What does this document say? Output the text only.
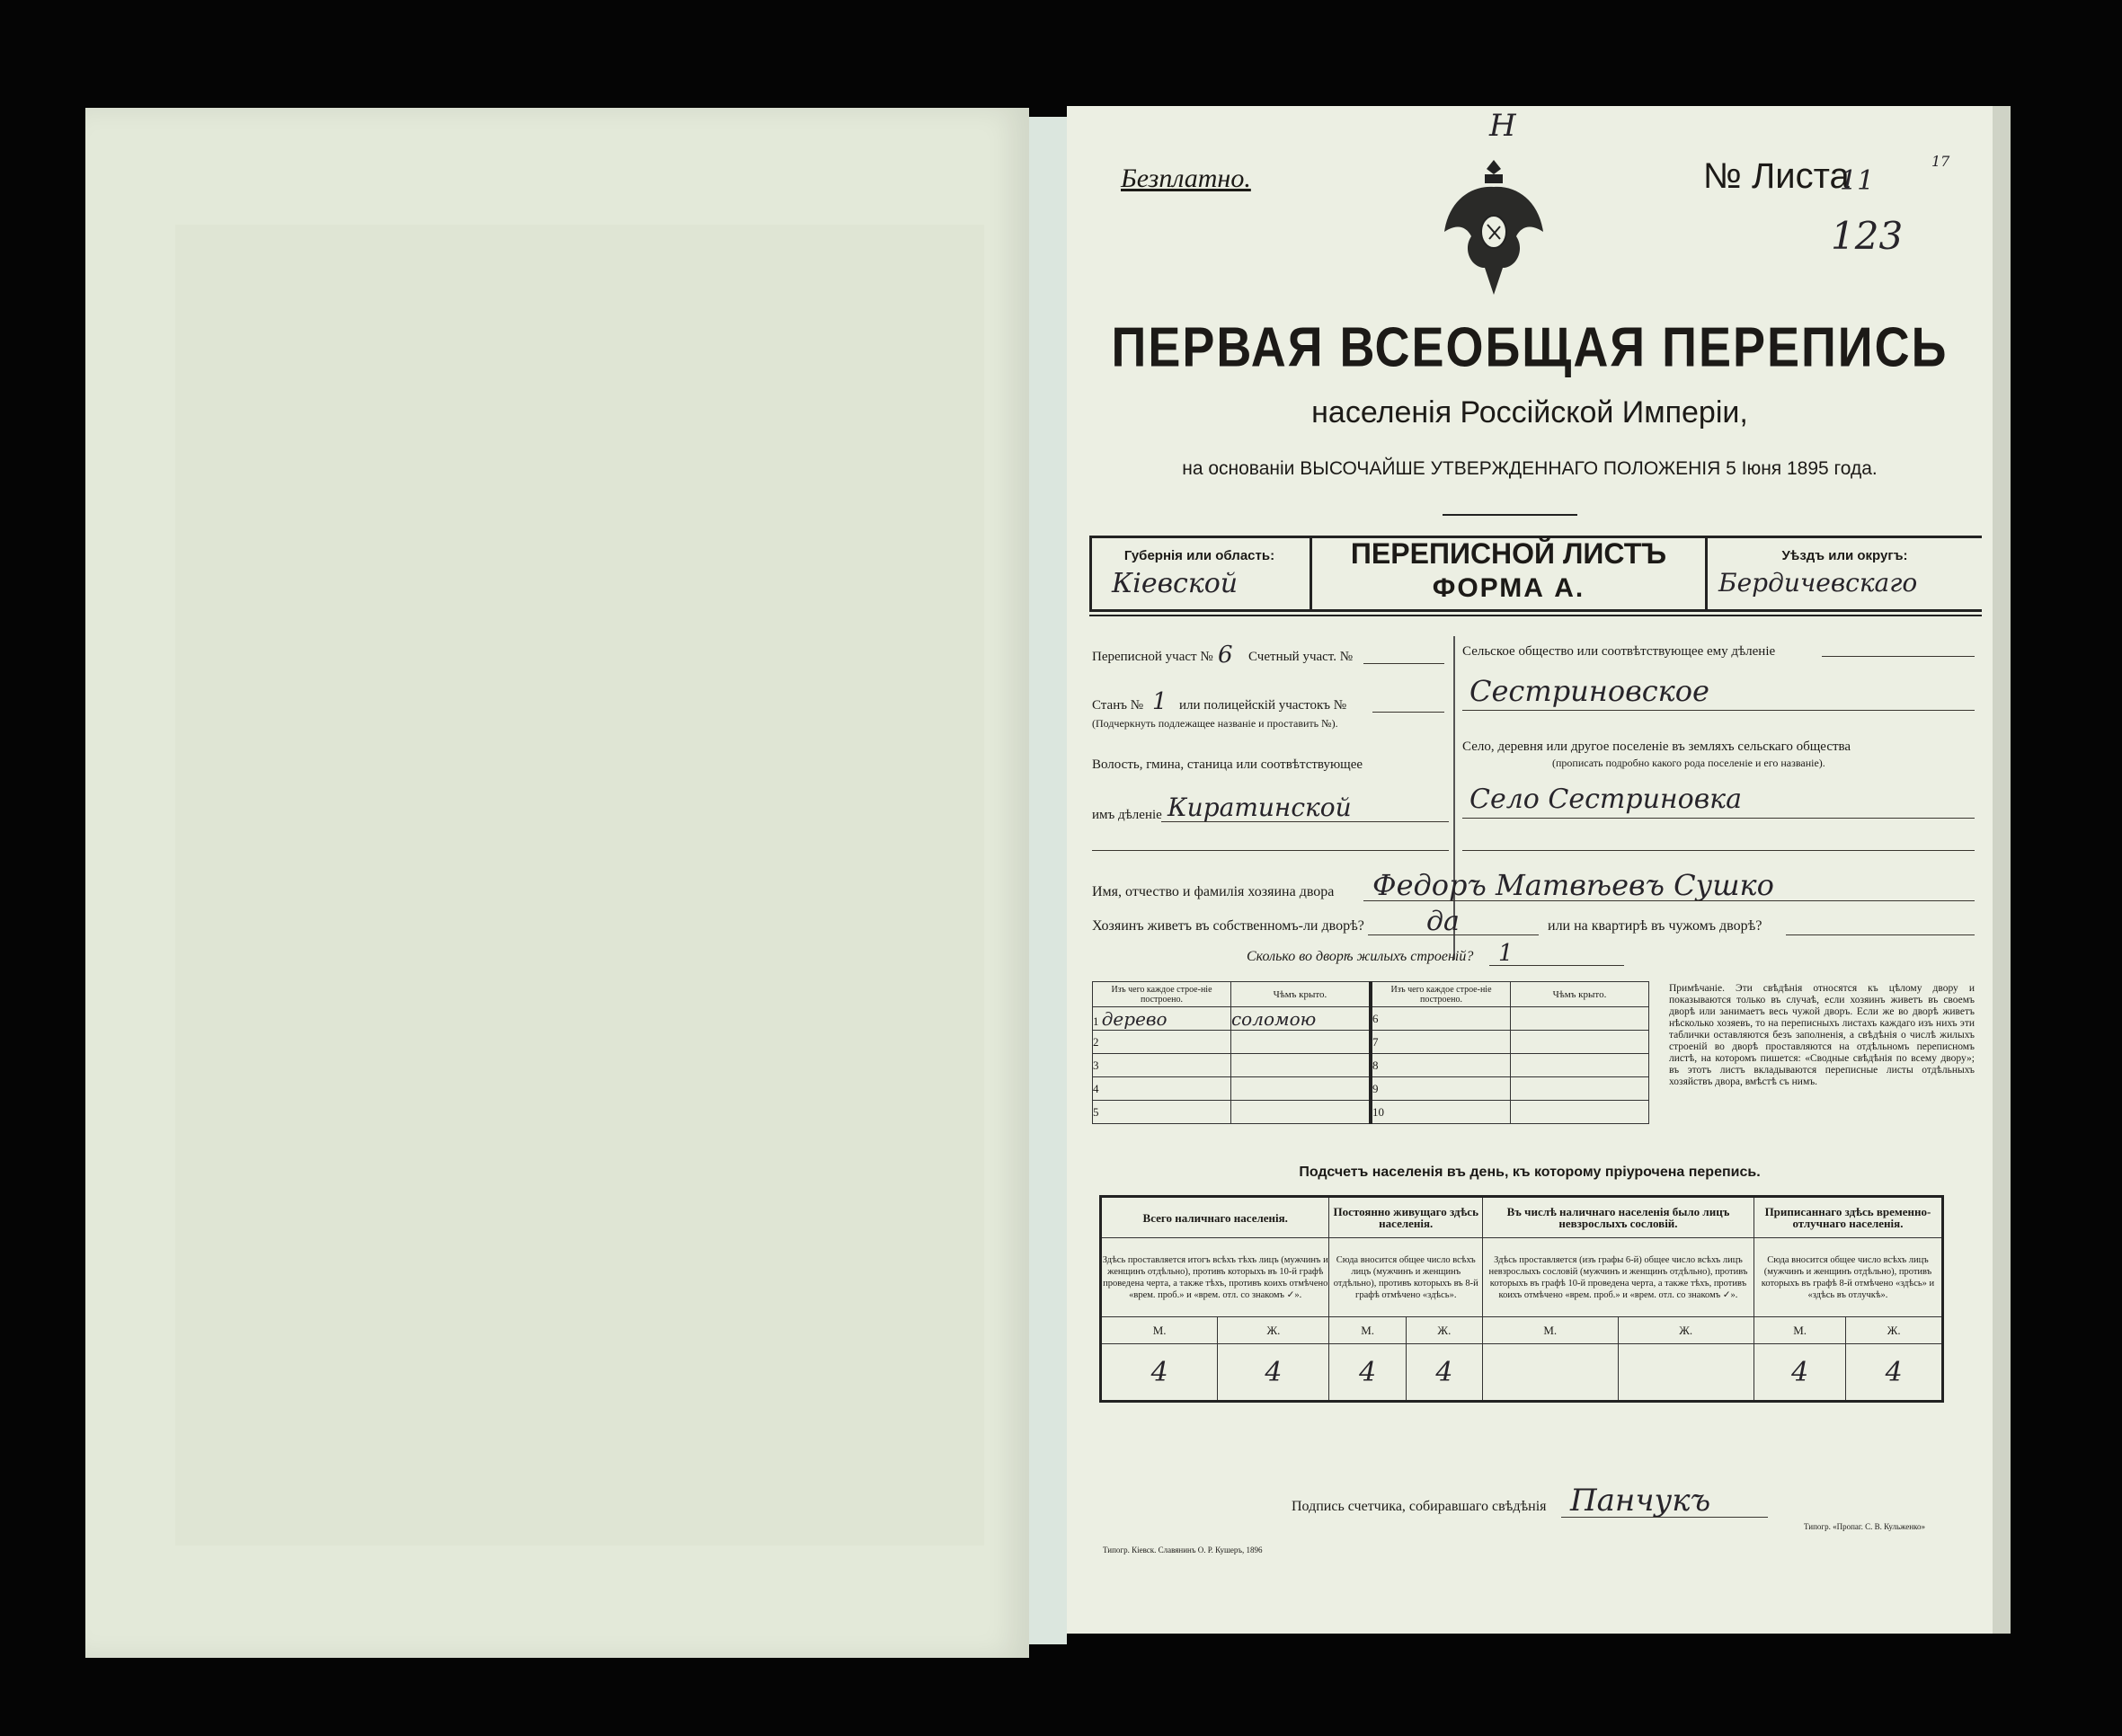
Н
Безплатно.	№ Листа
11
17
123
ПЕРВАЯ ВСЕОБЩАЯ ПЕРЕПИСЬ
населенія Россійской Имперіи,
на основаніи ВЫСОЧАЙШЕ УТВЕРЖДЕННАГО ПОЛОЖЕНІЯ 5 Іюня 1895 года.
Губернія или область:
Кіевской
ПЕРЕПИСНОЙ ЛИСТЪ
ФОРМА А.
Уѣздъ или округъ:
Бердичевскаго
Переписной участ № 6 Счетный участ. №
Станъ № 1 или полицейскій участокъ №
(Подчеркнуть подлежащее названіе и проставить №).
Волость, гмина, станица или соотвѣтствующее
имъ дѣленіе Киратинской
Сельское общество или соотвѣтствующее ему дѣленіе
Сестриновское
Село, деревня или другое поселеніе въ земляхъ сельскаго общества
(прописать подробно какого рода поселеніе и его названіе).
Село Сестриновка
Имя, отчество и фамилія хозяина двора Федоръ Матвѣевъ Сушко
Хозяинъ живетъ въ собственномъ-ли дворѣ? да	или на квартирѣ въ чужомъ дворѣ?
Сколько во дворѣ жилыхъ строеній? 1
Изъ чего каждое строе-ніе построено.	Чѣмъ крыто.	Изъ чего каждое строе-ніе построено.	Чѣмъ крыто.
1 дерево	соломою	6	
2		7	
3		8	
4		9	
5		10	
Примѣчаніе. Эти свѣдѣнія относятся къ цѣлому двору и показываются только въ случаѣ, если хозяинъ живетъ въ своемъ дворѣ или занимаетъ весь чужой дворъ. Если же во дворѣ живетъ нѣсколько хозяевъ, то на переписныхъ листахъ каждаго изъ нихъ эти таблички оставляются безъ заполненія, а свѣдѣнія о числѣ жилыхъ строеній во дворѣ проставляются на отдѣльномъ переписномъ листѣ, на которомъ пишется: «Сводные свѣдѣнія по всему двору»; въ этотъ листъ вкладываются переписные листы отдѣльныхъ хозяйствъ двора, вмѣстѣ съ нимъ.
Подсчетъ населенія въ день, къ которому пріурочена перепись.
Всего наличнаго населенія.		Постоянно живущаго здѣсь населенія.		Въ числѣ наличнаго населенія было лицъ невзрослыхъ сословій.		Приписаннаго здѣсь временно-отлучнаго населенія.	
Здѣсь проставляется итогъ всѣхъ тѣхъ лицъ (мужчинъ и женщинъ отдѣльно), противъ которыхъ въ 10-й графѣ проведена черта, а также тѣхъ, противъ коихъ отмѣчено «врем. проб.» и «врем. отл. со знакомъ ✓».		Сюда вносится общее число всѣхъ лицъ (мужчинъ и женщинъ отдѣльно), противъ которыхъ въ 8-й графѣ отмѣчено «здѣсь».		Здѣсь проставляется (изъ графы 6-й) общее число всѣхъ лицъ невзрослыхъ сословій (мужчинъ и женщинъ отдѣльно), противъ которыхъ въ графѣ 10-й проведена черта, а также тѣхъ, противъ коихъ отмѣчено «врем. проб.» и «врем. отл. со знакомъ ✓».		Сюда вносится общее число всѣхъ лицъ (мужчинъ и женщинъ отдѣльно), противъ которыхъ въ графѣ 8-й отмѣчено «здѣсь» и «здѣсь въ отлучкѣ».	
М.	Ж.	М.	Ж.	М.	Ж.	М.	Ж.
4	4	4	4			4	4
Подпись счетчика, собиравшаго свѣдѣнія Панчукъ
Типогр. Кіевск. Славянинъ О. Р. Кушеръ, 1896
Типогр. «Пропаг. С. В. Кульженко»
